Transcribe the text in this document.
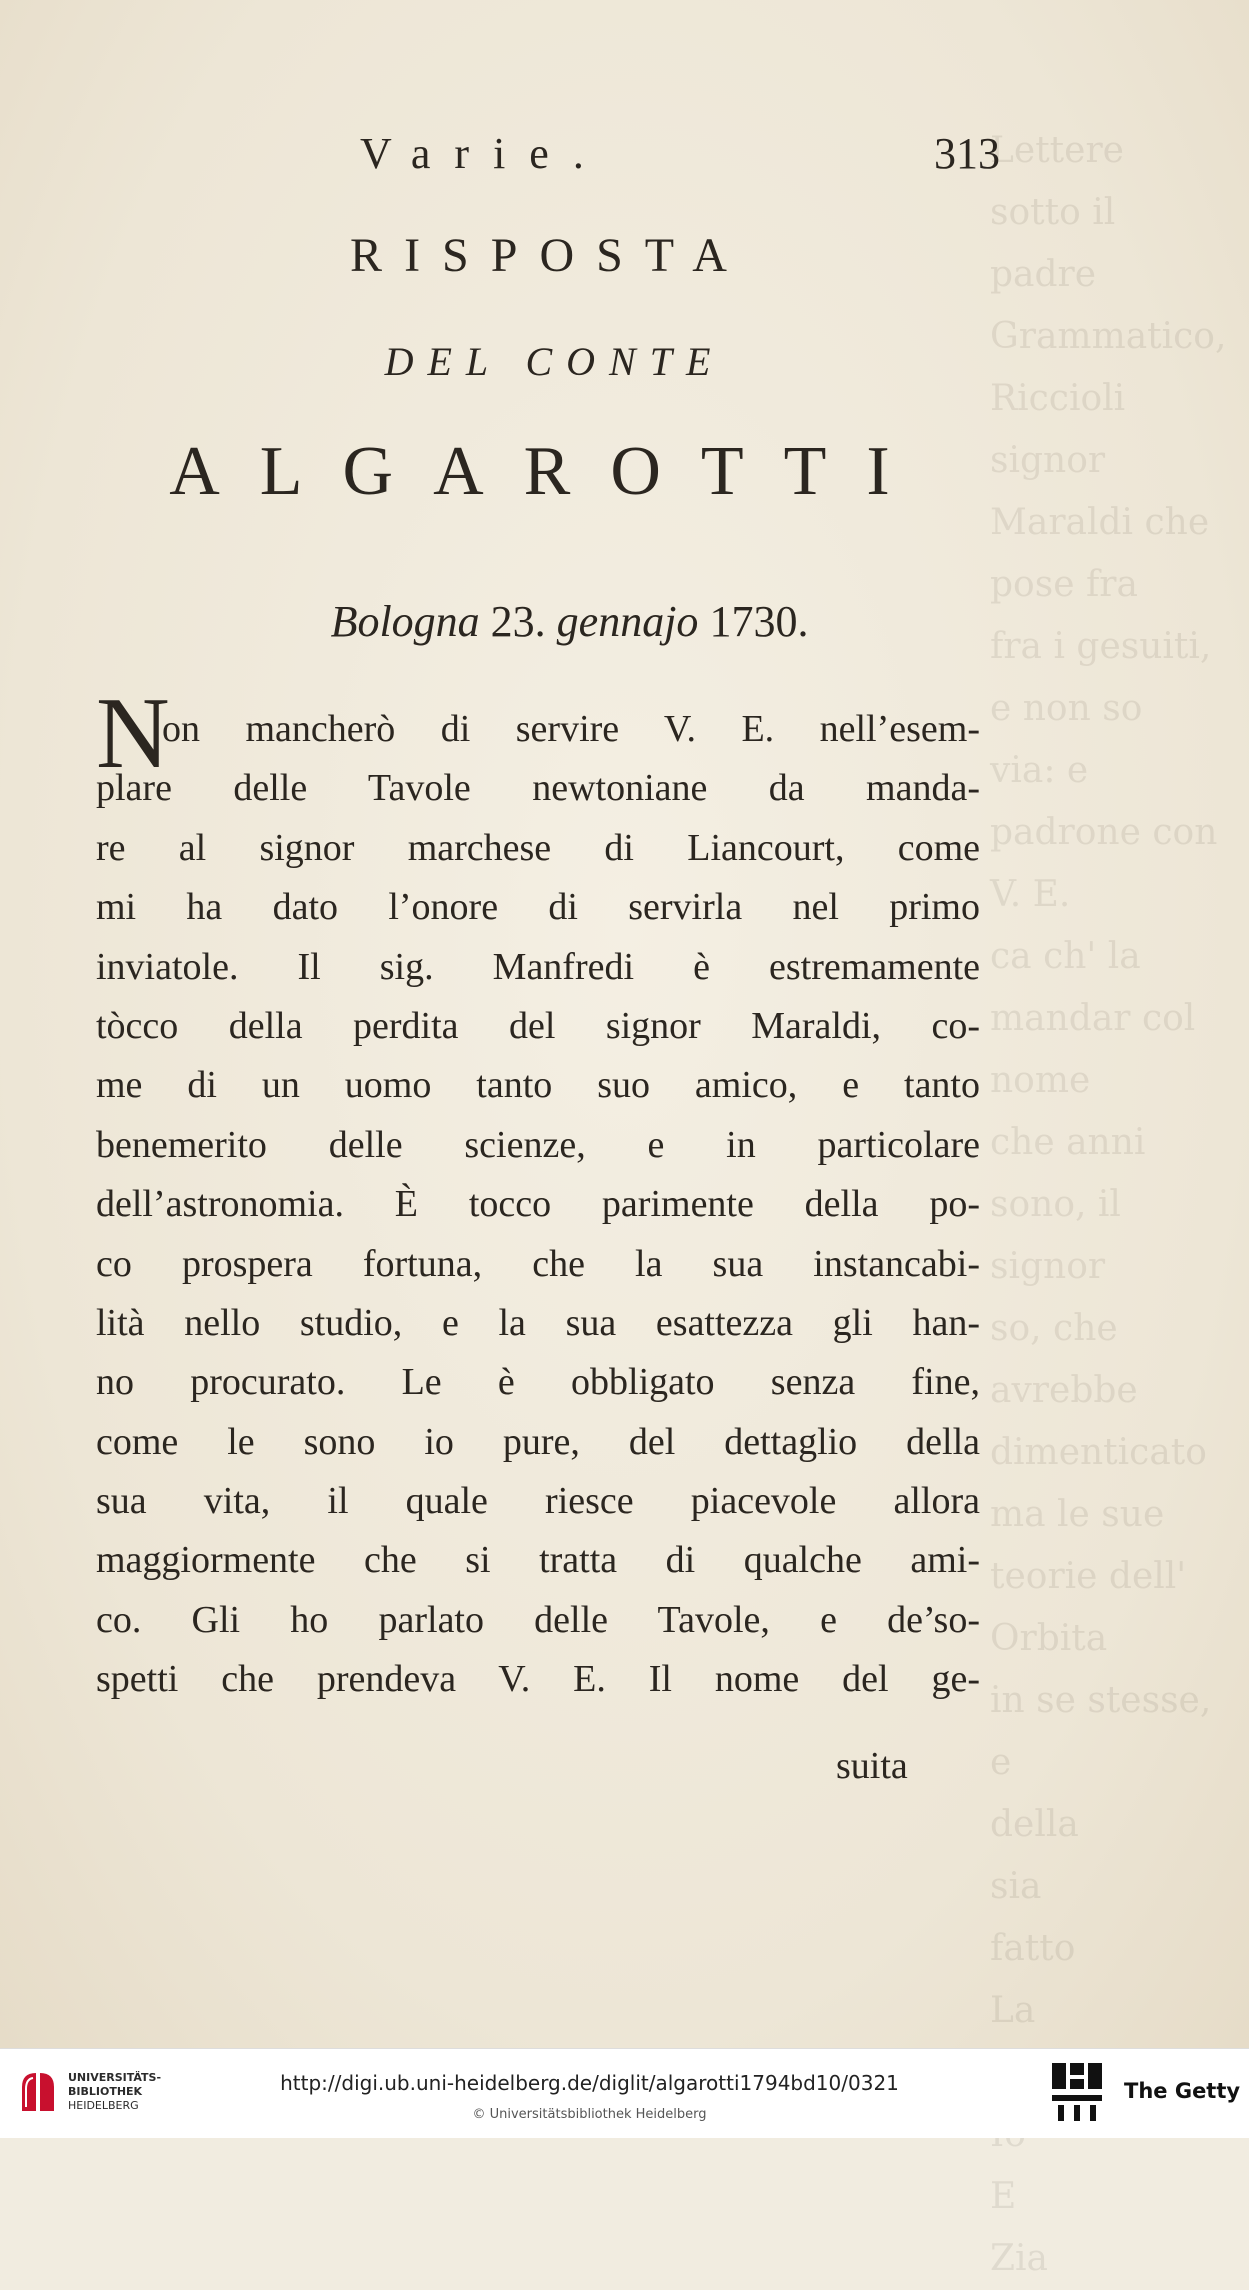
Lettere
sotto il padre Grammatico, Riccioli
signor Maraldi che pose fra
fra i gesuiti, e non so
via: e padrone con V. E.
ca ch' la mandar col nome
che anni sono, il signor
so, che avrebbe dimenticato
ma le sue teorie dell' Orbita
in se stesse, e
della
sia
fatto
La
E
Zia
Varie.	313
RISPOSTA
DEL CONTE
ALGAROTTI
Bologna 23. gennajo 1730.
N
on mancherò di servire V. E. nell’esem-
plare delle Tavole newtoniane da manda-
re al signor marchese di Liancourt, come
mi ha dato l’onore di servirla nel primo
inviatole. Il sig. Manfredi è estremamente
tòcco della perdita del signor Maraldi, co-
me di un uomo tanto suo amico, e tanto
benemerito delle scienze, e in particolare
dell’astronomia. È tocco parimente della po-
co prospera fortuna, che la sua instancabi-
lità nello studio, e la sua esattezza gli han-
no procurato. Le è obbligato senza fine,
come le sono io pure, del dettaglio della
sua vita, il quale riesce piacevole allora
maggiormente che si tratta di qualche ami-
co. Gli ho parlato delle Tavole, e de’so-
spetti che prendeva V. E. Il nome del ge-
suita
UNIVERSITÄTS-
BIBLIOTHEK
HEIDELBERG
http://digi.ub.uni-heidelberg.de/diglit/algarotti1794bd10/0321
© Universitätsbibliothek Heidelberg
The Getty
